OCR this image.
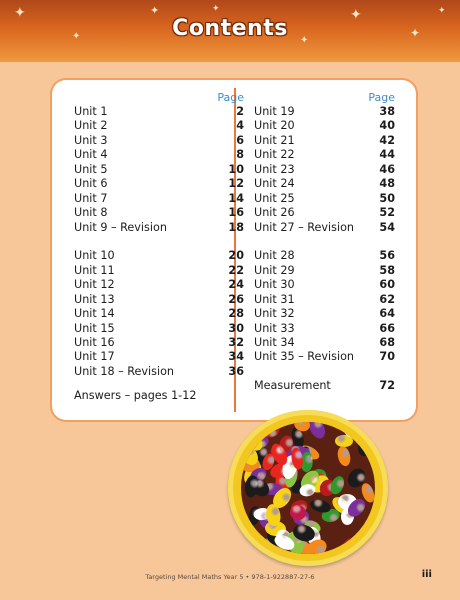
✦
✦
✦	✦
✦
✦
✦
✦
Contents
Page
Unit 1	2
Unit 2	4
Unit 3	6
Unit 4	8
Unit 5	10
Unit 6	12
Unit 7	14
Unit 8	16
Unit 9 – Revision	18
Unit 10	20
Unit 11	22
Unit 12	24
Unit 13	26
Unit 14	28
Unit 15	30
Unit 16	32
Unit 17	34
Unit 18 – Revision	36
Answers – pages 1-12
Page
Unit 19	38
Unit 20	40
Unit 21	42
Unit 22	44
Unit 23	46
Unit 24	48
Unit 25	50
Unit 26	52
Unit 27 – Revision 54
Unit 28	56
Unit 29	58
Unit 30	60
Unit 31	62
Unit 32	64
Unit 33	66
Unit 34	68
Unit 35 – Revision 70
Measurement	72
Targeting Mental Maths Year 5 • 978-1-922887-27-6	iii
